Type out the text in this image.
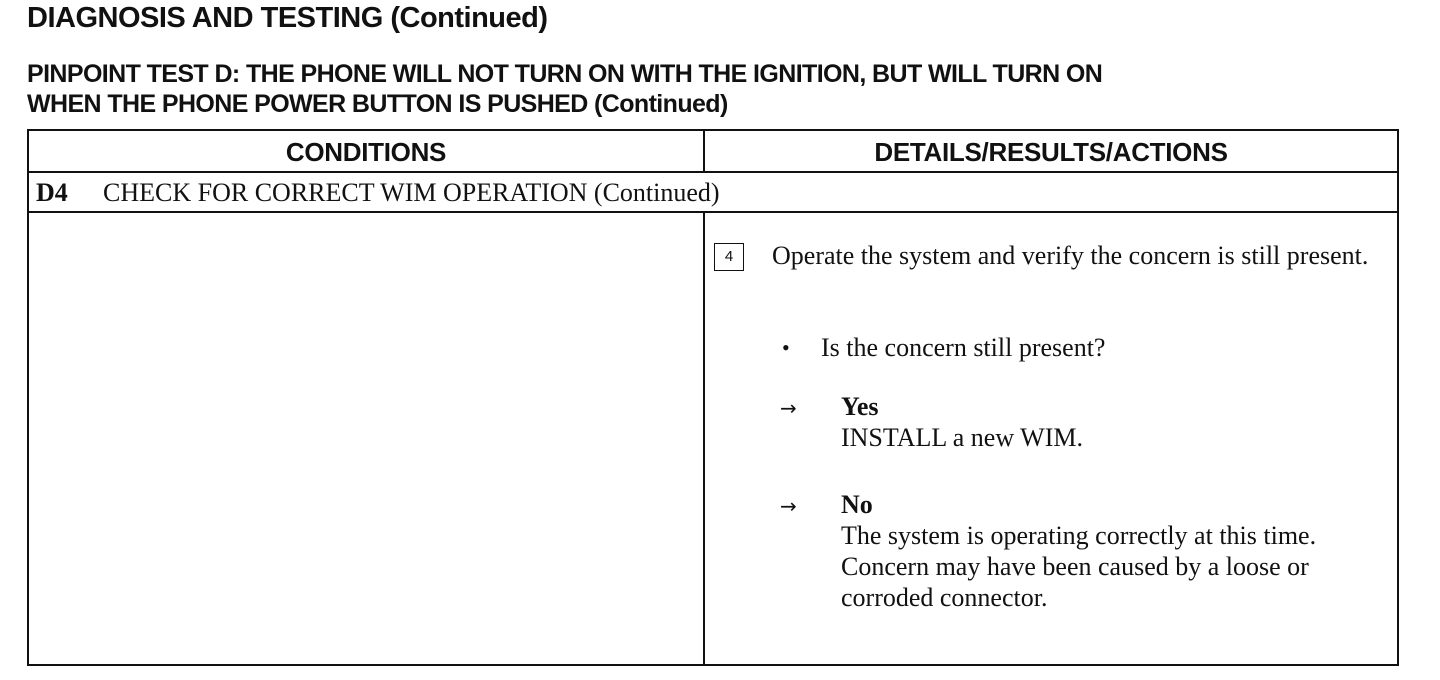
DIAGNOSIS AND TESTING (Continued)
PINPOINT TEST D: THE PHONE WILL NOT TURN ON WITH THE IGNITION, BUT WILL TURN ON
WHEN THE PHONE POWER BUTTON IS PUSHED (Continued)
CONDITIONS	DETAILS/RESULTS/ACTIONS
D4 CHECK FOR CORRECT WIM OPERATION (Continued)
4	Operate the system and verify the concern is still present.
• Is the concern still present?
→ Yes
INSTALL a new WIM.
→ No
The system is operating correctly at this time.
Concern may have been caused by a loose or
corroded connector.
